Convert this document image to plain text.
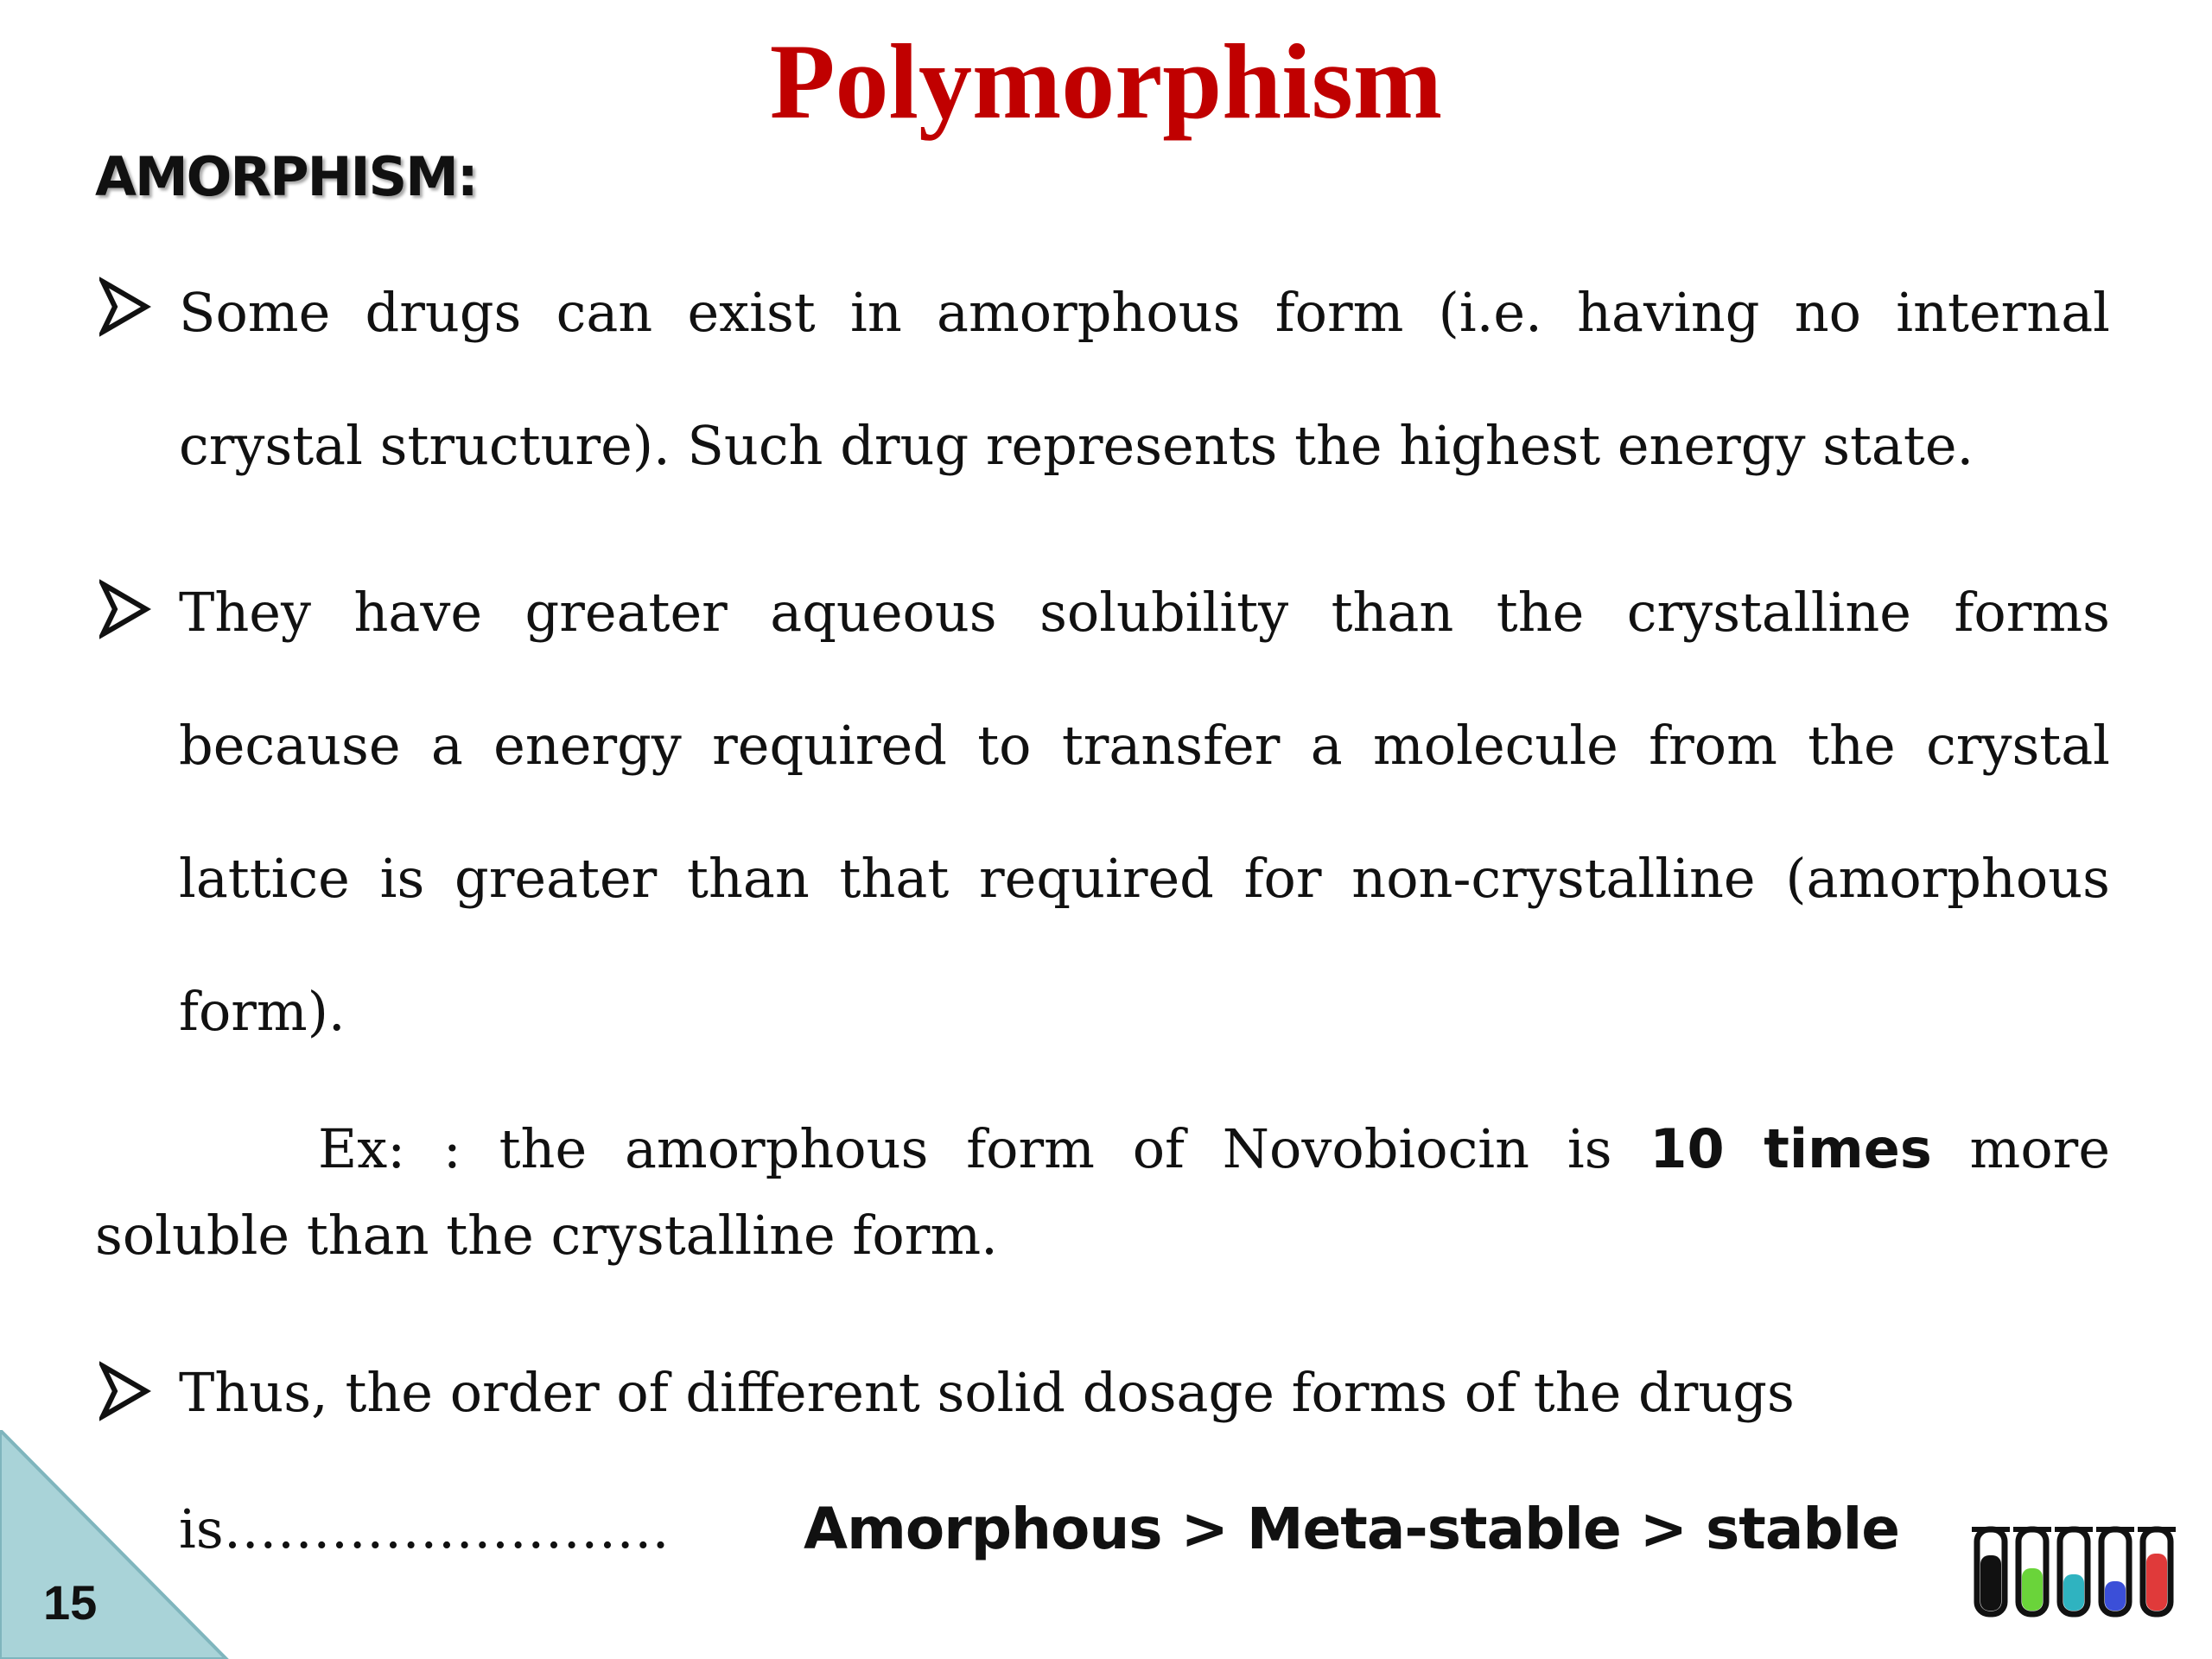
Polymorphism
AMORPHISM:
Some drugs can exist in amorphous form (i.e. having no internal crystal structure). Such drug represents the highest energy state.
They have greater aqueous solubility than the crystalline forms because a energy required to transfer a molecule from the crystal lattice is greater than that required for non-crystalline (amorphous form).
Ex: : the amorphous form of Novobiocin is 10 times more soluble than the crystalline form.
Thus, the order of different solid dosage forms of the drugs
is……………………. Amorphous > Meta-stable > stable
15
